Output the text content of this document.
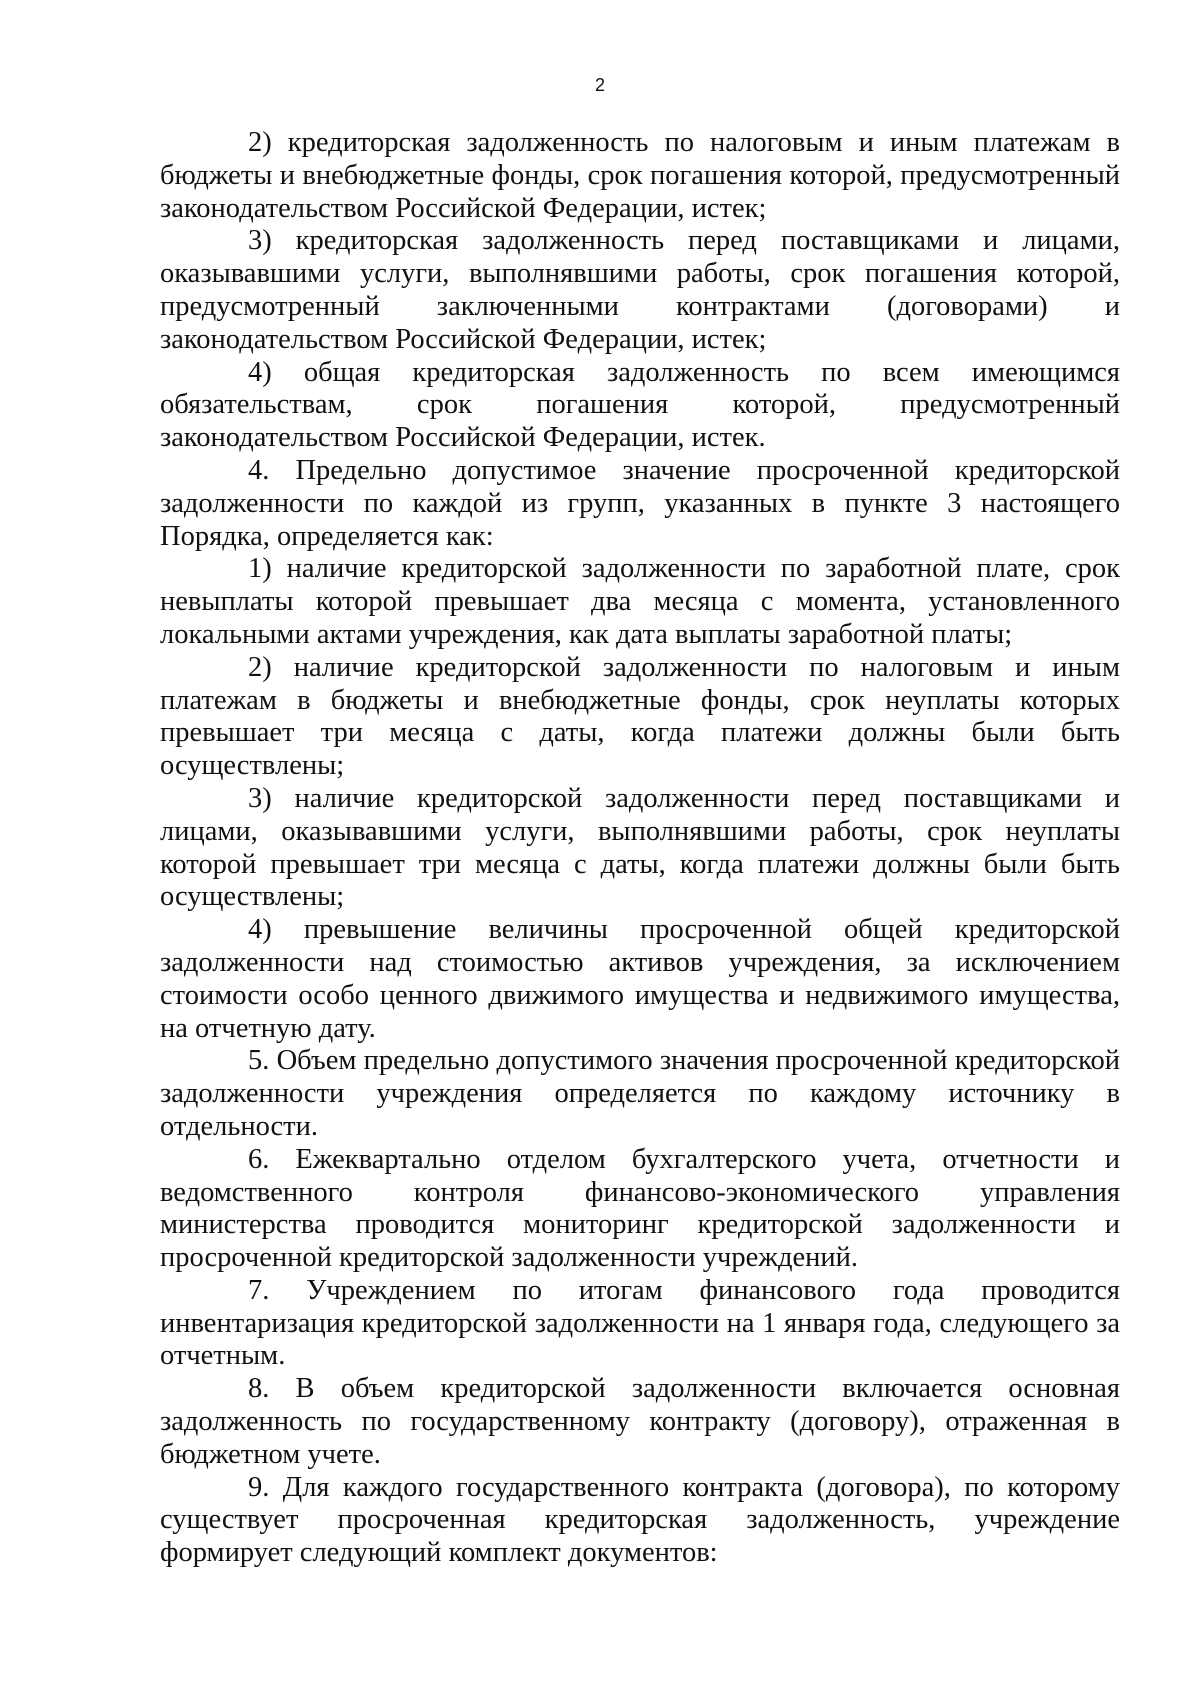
2

2) кредиторская задолженность по налоговым и иным платежам в бюджеты и внебюджетные фонды, срок погашения которой, предусмотренный законодательством Российской Федерации, истек;

3) кредиторская задолженность перед поставщиками и лицами, оказывавшими услуги, выполнявшими работы, срок погашения которой, предусмотренный заключенными контрактами (договорами) и законодательством Российской Федерации, истек;

4) общая кредиторская задолженность по всем имеющимся обязательствам, срок погашения которой, предусмотренный законодательством Российской Федерации, истек.

4. Предельно допустимое значение просроченной кредиторской задолженности по каждой из групп, указанных в пункте 3 настоящего Порядка, определяется как:

1) наличие кредиторской задолженности по заработной плате, срок невыплаты которой превышает два месяца с момента, установленного локальными актами учреждения, как дата выплаты заработной платы;

2) наличие кредиторской задолженности по налоговым и иным платежам в бюджеты и внебюджетные фонды, срок неуплаты которых превышает три месяца с даты, когда платежи должны были быть осуществлены;

3) наличие кредиторской задолженности перед поставщиками и лицами, оказывавшими услуги, выполнявшими работы, срок неуплаты которой превышает три месяца с даты, когда платежи должны были быть осуществлены;

4) превышение величины просроченной общей кредиторской задолженности над стоимостью активов учреждения, за исключением стоимости особо ценного движимого имущества и недвижимого имущества, на отчетную дату.

5. Объем предельно допустимого значения просроченной кредиторской задолженности учреждения определяется по каждому источнику в отдельности.

6. Ежеквартально отделом бухгалтерского учета, отчетности и ведомственного контроля финансово-экономического управления министерства проводится мониторинг кредиторской задолженности и просроченной кредиторской задолженности учреждений.

7. Учреждением по итогам финансового года проводится инвентаризация кредиторской задолженности на 1 января года, следующего за отчетным.

8. В объем кредиторской задолженности включается основная задолженность по государственному контракту (договору), отраженная в бюджетном учете.

9. Для каждого государственного контракта (договора), по которому существует просроченная кредиторская задолженность, учреждение формирует следующий комплект документов:
